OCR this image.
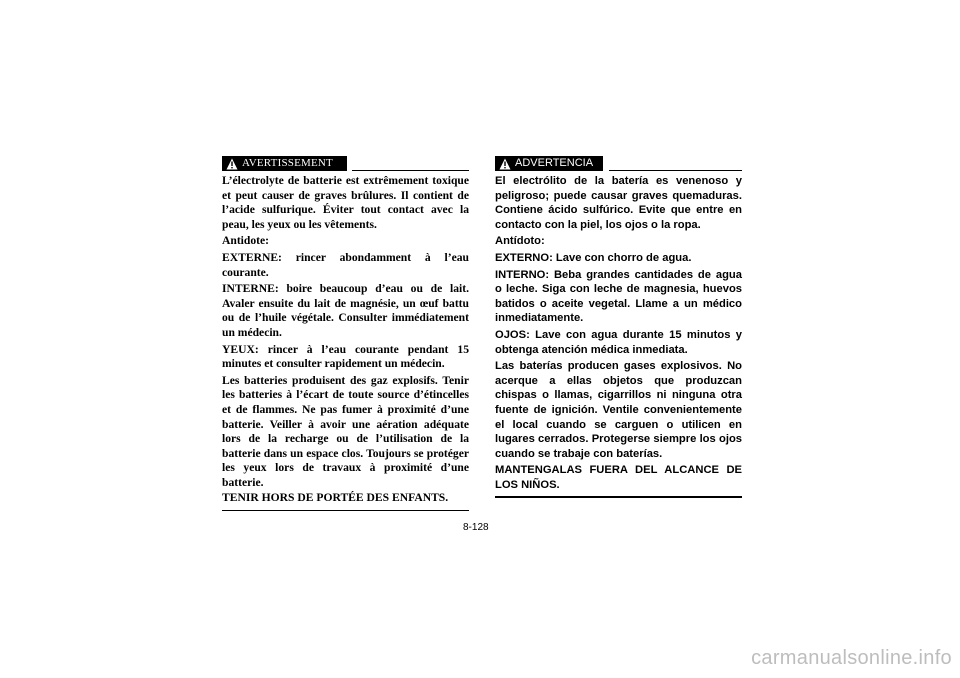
AVERTISSEMENT

L’électrolyte de batterie est extrêmement toxique et peut causer de graves brûlures. Il contient de l’acide sulfurique. Éviter tout contact avec la peau, les yeux ou les vêtements.

Antidote:

EXTERNE: rincer abondamment à l’eau courante.

INTERNE: boire beaucoup d’eau ou de lait. Avaler ensuite du lait de magnésie, un œuf battu ou de l’huile végétale. Consulter immédiatement un médecin.

YEUX: rincer à l’eau courante pendant 15 minutes et consulter rapidement un médecin.

Les batteries produisent des gaz explosifs. Tenir les batteries à l’écart de toute source d’étincelles et de flammes. Ne pas fumer à proximité d’une batterie. Veiller à avoir une aération adéquate lors de la recharge ou de l’utilisation de la batterie dans un espace clos. Toujours se protéger les yeux lors de travaux à proximité d’une batterie.

TENIR HORS DE PORTÉE DES ENFANTS.

ADVERTENCIA

El electrólito de la batería es venenoso y peligroso; puede causar graves quemaduras. Contiene ácido sulfúrico. Evite que entre en contacto con la piel, los ojos o la ropa.

Antídoto:

EXTERNO: Lave con chorro de agua.

INTERNO: Beba grandes cantidades de agua o leche. Siga con leche de magnesia, huevos batidos o aceite vegetal. Llame a un médico inmediatamente.

OJOS: Lave con agua durante 15 minutos y obtenga atención médica inmediata.

Las baterías producen gases explosivos. No acerque a ellas objetos que produzcan chispas o llamas, cigarrillos ni ninguna otra fuente de ignición. Ventile convenientemente el local cuando se carguen o utilicen en lugares cerrados. Protegerse siempre los ojos cuando se trabaje con baterías.

MANTENGALAS FUERA DEL ALCANCE DE LOS NIÑOS.

8-128
carmanualsonline.info
